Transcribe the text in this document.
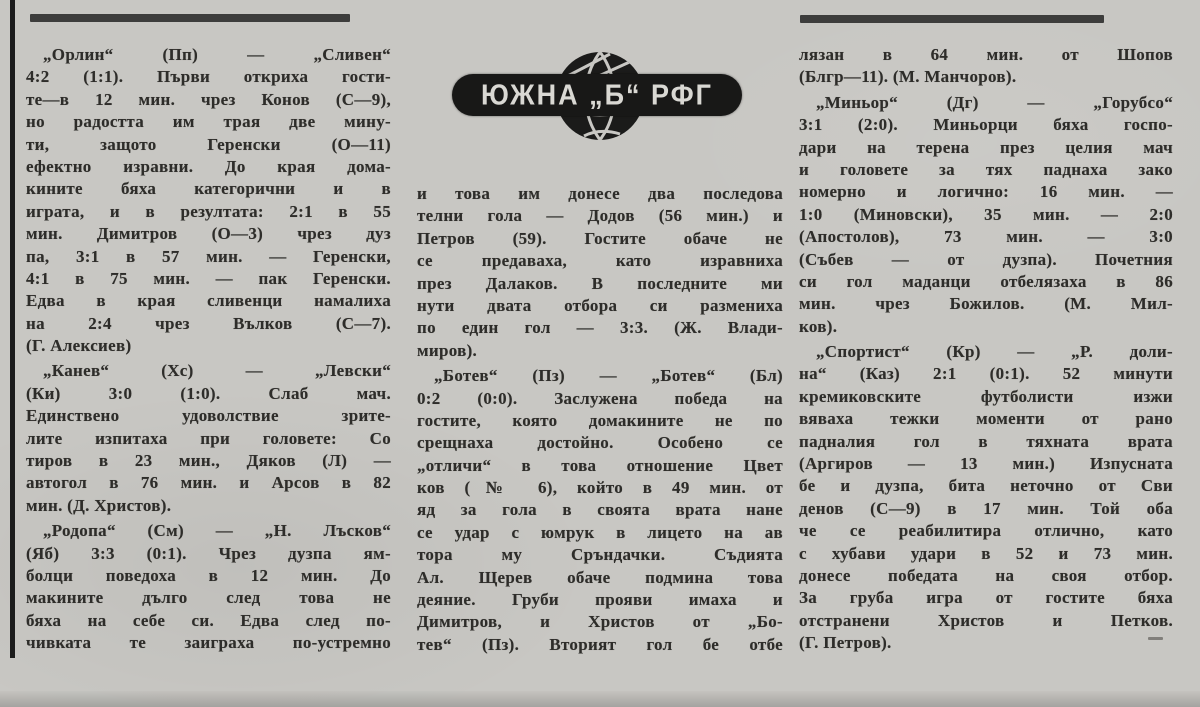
ЮЖНА „Б“ РФГ
„Орлин“ (Пп) — „Сливен“
4:2 (1:1). Първи откриха гости-
те—в 12 мин. чрез Конов (С—9),
но радостта им трая две мину-
ти, защото Геренски (О—11)
ефектно изравни. До края дома-
кините бяха категорични и в
играта, и в резултата: 2:1 в 55
мин. Димитров (О—3) чрез дуз
па, 3:1 в 57 мин. — Геренски,
4:1 в 75 мин. — пак Геренски.
Едва в края сливенци намалиха
на 2:4 чрез Вълков (С—7).
(Г. Алексиев)
„Канев“ (Хс) — „Левски“
(Ки) 3:0 (1:0). Слаб мач.
Единствено удоволствие зрите-
лите изпитаха при головете: Со
тиров в 23 мин., Дяков (Л) —
автогол в 76 мин. и Арсов в 82
мин. (Д. Христов).
„Родопа“ (См) — „Н. Лъсков“
(Яб) 3:3 (0:1). Чрез дузпа ям-
болци поведоха в 12 мин. До
макините дълго след това не
бяха на себе си. Едва след по-
чивката те заиграха по-устремно
и това им донесе два последова
телни гола — Додов (56 мин.) и
Петров (59). Гостите обаче не
се предаваха, като изравниха
през Далаков. В последните ми
нути двата отбора си размениха
по един гол — 3:3. (Ж. Влади-
миров).
„Ботев“ (Пз) — „Ботев“ (Бл)
0:2 (0:0). Заслужена победа на
гостите, която домакините не по
срещнаха достойно. Особено се
„отличи“ в това отношение Цвет
ков (№ 6), който в 49 мин. от
яд за гола в своята врата нане
се удар с юмрук в лицето на ав
тора му Сръндачки. Съдията
Ал. Щерев обаче подмина това
деяние. Груби прояви имаха и
Димитров, и Христов от „Бо-
тев“ (Пз). Вторият гол бе отбе
лязан в 64 мин. от Шопов
(Блгр—11). (М. Манчоров).
„Миньор“ (Дг) — „Горубсо“
3:1 (2:0). Миньорци бяха госпо-
дари на терена през целия мач
и головете за тях паднаха зако
номерно и логично: 16 мин. —
1:0 (Миновски), 35 мин. — 2:0
(Апостолов), 73 мин. — 3:0
(Събев — от дузпа). Почетния
си гол маданци отбелязаха в 86
мин. чрез Божилов. (М. Мил-
ков).
„Спортист“ (Кр) — „Р. доли-
на“ (Каз) 2:1 (0:1). 52 минути
кремиковските футболисти изжи
вяваха тежки моменти от рано
падналия гол в тяхната врата
(Аргиров — 13 мин.) Изпусната
бе и дузпа, бита неточно от Сви
денов (С—9) в 17 мин. Той оба
че се реабилитира отлично, като
с хубави удари в 52 и 73 мин.
донесе победата на своя отбор.
За груба игра от гостите бяха
отстранени Христов и Петков.
(Г. Петров).
